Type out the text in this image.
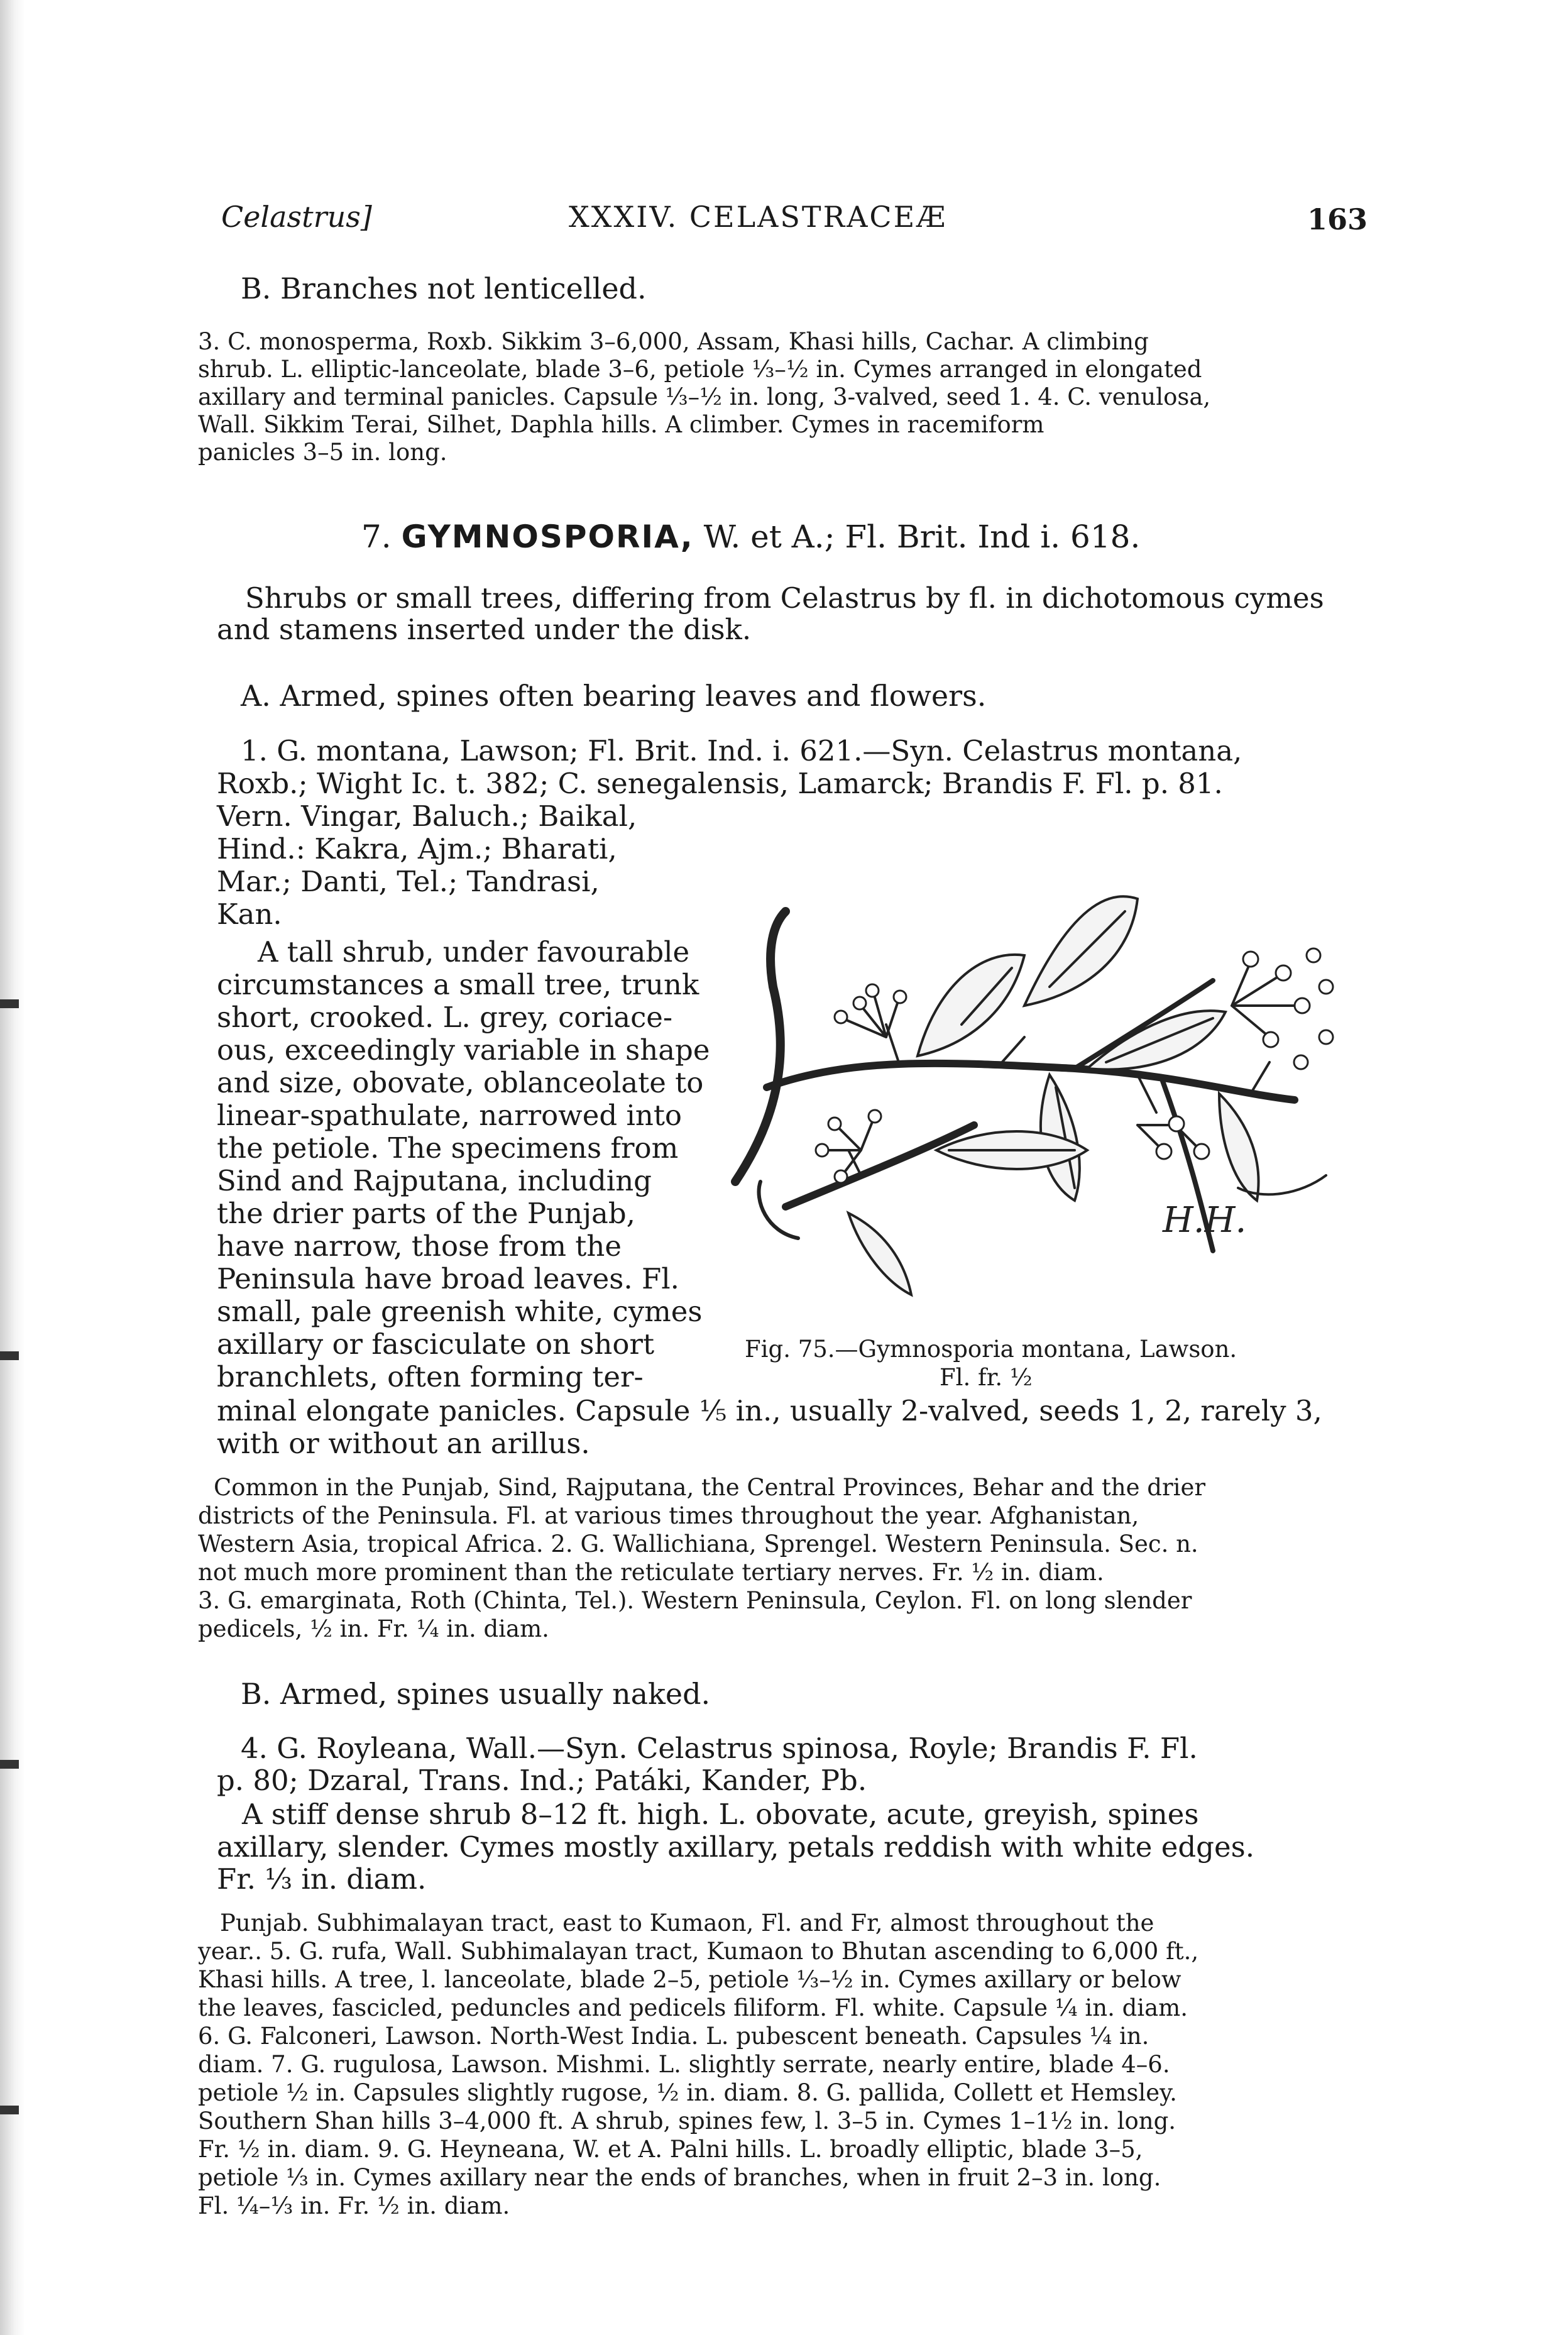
Celastrus]	XXXIV. CELASTRACEÆ	163
B. Branches not lenticelled.
3. C. monosperma, Roxb. Sikkim 3–6,000, Assam, Khasi hills, Cachar. A climbing
shrub. L. elliptic-lanceolate, blade 3–6, petiole ⅓–½ in. Cymes arranged in elongated
axillary and terminal panicles. Capsule ⅓–½ in. long, 3-valved, seed 1. 4. C. venulosa,
Wall. Sikkim Terai, Silhet, Daphla hills. A climber. Cymes in racemiform
panicles 3–5 in. long.
7. GYMNOSPORIA, W. et A.; Fl. Brit. Ind i. 618.
Shrubs or small trees, differing from Celastrus by fl. in dichotomous cymes
and stamens inserted under the disk.
A. Armed, spines often bearing leaves and flowers.
1. G. montana, Lawson; Fl. Brit. Ind. i. 621.—Syn. Celastrus montana,
Roxb.; Wight Ic. t. 382; C. senegalensis, Lamarck; Brandis F. Fl. p. 81.
Vern. Vingar, Baluch.; Baikal,
Hind.: Kakra, Ajm.; Bharati,
Mar.; Danti, Tel.; Tandrasi,
Kan.
A tall shrub, under favourable
circumstances a small tree, trunk
short, crooked. L. grey, coriace-
ous, exceedingly variable in shape
and size, obovate, oblanceolate to
linear-spathulate, narrowed into
the petiole. The specimens from
Sind and Rajputana, including
the drier parts of the Punjab,
have narrow, those from the
Peninsula have broad leaves. Fl.
small, pale greenish white, cymes
axillary or fasciculate on short
branchlets, often forming ter-
minal elongate panicles. Capsule ⅕ in., usually 2-valved, seeds 1, 2, rarely 3,
with or without an arillus.
H.H.
Fig. 75.—Gymnosporia montana, Lawson.
Fl. fr. ½
Common in the Punjab, Sind, Rajputana, the Central Provinces, Behar and the drier
districts of the Peninsula. Fl. at various times throughout the year. Afghanistan,
Western Asia, tropical Africa. 2. G. Wallichiana, Sprengel. Western Peninsula. Sec. n.
not much more prominent than the reticulate tertiary nerves. Fr. ½ in. diam.
3. G. emarginata, Roth (Chinta, Tel.). Western Peninsula, Ceylon. Fl. on long slender
pedicels, ½ in. Fr. ¼ in. diam.
B. Armed, spines usually naked.
4. G. Royleana, Wall.—Syn. Celastrus spinosa, Royle; Brandis F. Fl.
p. 80; Dzaral, Trans. Ind.; Patáki, Kander, Pb.
A stiff dense shrub 8–12 ft. high. L. obovate, acute, greyish, spines
axillary, slender. Cymes mostly axillary, petals reddish with white edges.
Fr. ⅓ in. diam.
Punjab. Subhimalayan tract, east to Kumaon, Fl. and Fr, almost throughout the
year.. 5. G. rufa, Wall. Subhimalayan tract, Kumaon to Bhutan ascending to 6,000 ft.,
Khasi hills. A tree, l. lanceolate, blade 2–5, petiole ⅓–½ in. Cymes axillary or below
the leaves, fascicled, peduncles and pedicels filiform. Fl. white. Capsule ¼ in. diam.
6. G. Falconeri, Lawson. North-West India. L. pubescent beneath. Capsules ¼ in.
diam. 7. G. rugulosa, Lawson. Mishmi. L. slightly serrate, nearly entire, blade 4–6.
petiole ½ in. Capsules slightly rugose, ½ in. diam. 8. G. pallida, Collett et Hemsley.
Southern Shan hills 3–4,000 ft. A shrub, spines few, l. 3–5 in. Cymes 1–1½ in. long.
Fr. ½ in. diam. 9. G. Heyneana, W. et A. Palni hills. L. broadly elliptic, blade 3–5,
petiole ⅓ in. Cymes axillary near the ends of branches, when in fruit 2–3 in. long.
Fl. ¼–⅓ in. Fr. ½ in. diam.
